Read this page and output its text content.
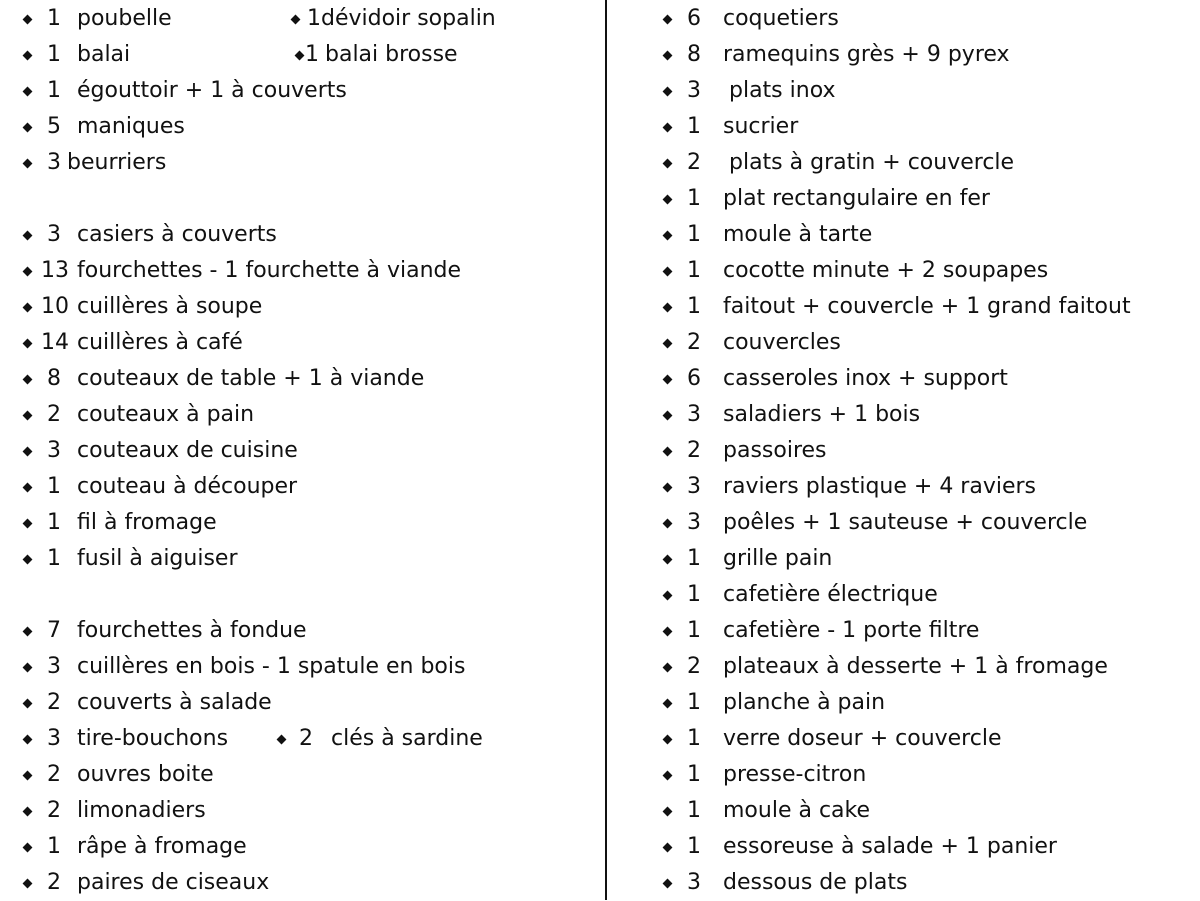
1 poubelle	1 dévidoir sopalin
1 balai	1 balai brosse
1 égouttoir + 1 à couverts
5 maniques
3 beurriers
3 casiers à couverts
13 fourchettes - 1 fourchette à viande
10 cuillères à soupe
14 cuillères à café
8 couteaux de table + 1 à viande
2 couteaux à pain
3 couteaux de cuisine
1 couteau à découper
1 fil à fromage
1 fusil à aiguiser
7 fourchettes à fondue
3 cuillères en bois - 1 spatule en bois
2 couverts à salade
3 tire-bouchons	2 clés à sardine
2 ouvres boite
2 limonadiers
1 râpe à fromage
2 paires de ciseaux
6	coquetiers
8	ramequins grès + 9 pyrex
3	plats inox
1	sucrier
2	plats à gratin + couvercle
1	plat rectangulaire en fer
1	moule à tarte
1	cocotte minute + 2 soupapes
1	faitout + couvercle + 1 grand faitout
2	couvercles
6	casseroles inox + support
3	saladiers + 1 bois
2	passoires
3	raviers plastique + 4 raviers
3	poêles + 1 sauteuse + couvercle
1	grille pain
1	cafetière électrique
1	cafetière - 1 porte filtre
2	plateaux à desserte + 1 à fromage
1	planche à pain
1	verre doseur + couvercle
1	presse-citron
1	moule à cake
1	essoreuse à salade + 1 panier
3	dessous de plats
